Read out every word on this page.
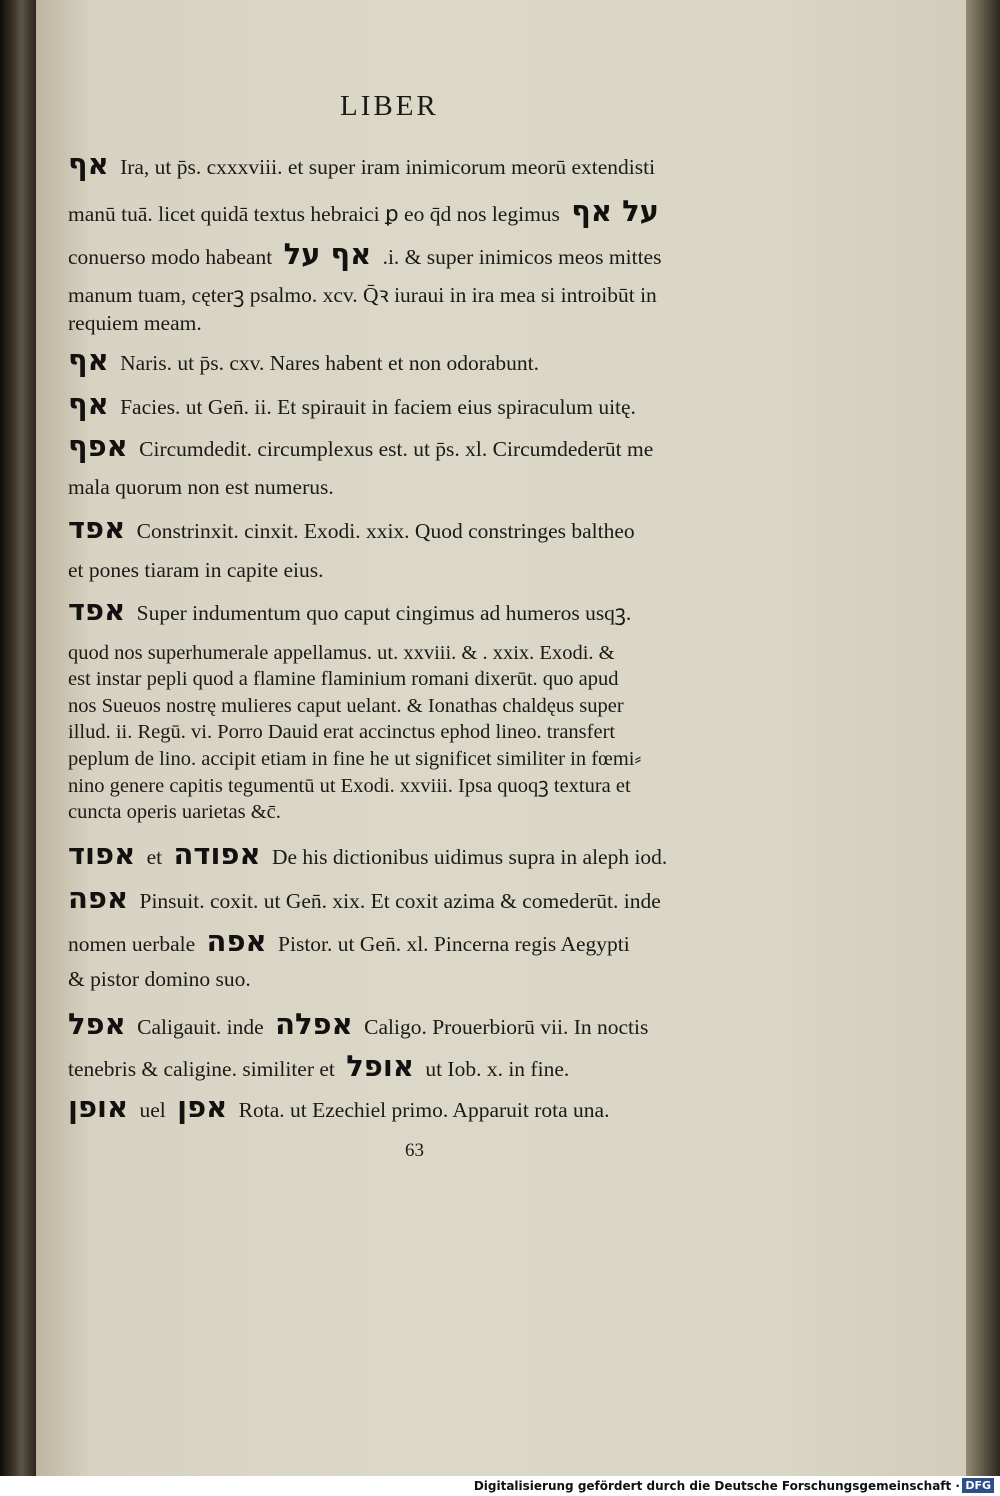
LIBER
אף Ira, ut p̄s. cxxxviii. et super iram inimicorum meorū extendisti
manū tuā. licet quidā textus hebraici ꝑ eo q̄d nos legimus על אף
conuerso modo habeant אף על .i. & super inimicos meos mittes
manum tuam, cęterꝫ psalmo. xcv. Q̄ꝛ iuraui in ira mea si introibūt in
requiem meam.
אף Naris. ut p̄s. cxv. Nares habent et non odorabunt.
אף Facies. ut Gen̄. ii. Et spirauit in faciem eius spiraculum uitę.
אפף Circumdedit. circumplexus est. ut p̄s. xl. Circumdederūt me
mala quorum non est numerus.
אפד Constrinxit. cinxit. Exodi. xxix. Quod constringes baltheo
et pones tiaram in capite eius.
אפד Super indumentum quo caput cingimus ad humeros usqꝫ.
quod nos superhumerale appellamus. ut. xxviii. & . xxix. Exodi. &
est instar pepli quod a flamine flaminium romani dixerūt. quo apud
nos Sueuos nostrę mulieres caput uelant. & Ionathas chaldęus super
illud. ii. Regū. vi. Porro Dauid erat accinctus ephod lineo. transfert
peplum de lino. accipit etiam in fine he ut significet similiter in fœmi⸗
nino genere capitis tegumentū ut Exodi. xxviii. Ipsa quoqꝫ textura et
cuncta operis uarietas &c̄.
אפוד et אפודה De his dictionibus uidimus supra in aleph iod.
אפה Pinsuit. coxit. ut Gen̄. xix. Et coxit azima & comederūt. inde
nomen uerbale אפה Pistor. ut Gen̄. xl. Pincerna regis Aegypti
& pistor domino suo.
אפל Caligauit. inde אפלה Caligo. Prouerbiorū vii. In noctis
tenebris & caligine. similiter et אופל ut Iob. x. in fine.
אופן uel אפן Rota. ut Ezechiel primo. Apparuit rota una.
63
Digitalisierung gefördert durch die Deutsche Forschungsgemeinschaft · DFG
